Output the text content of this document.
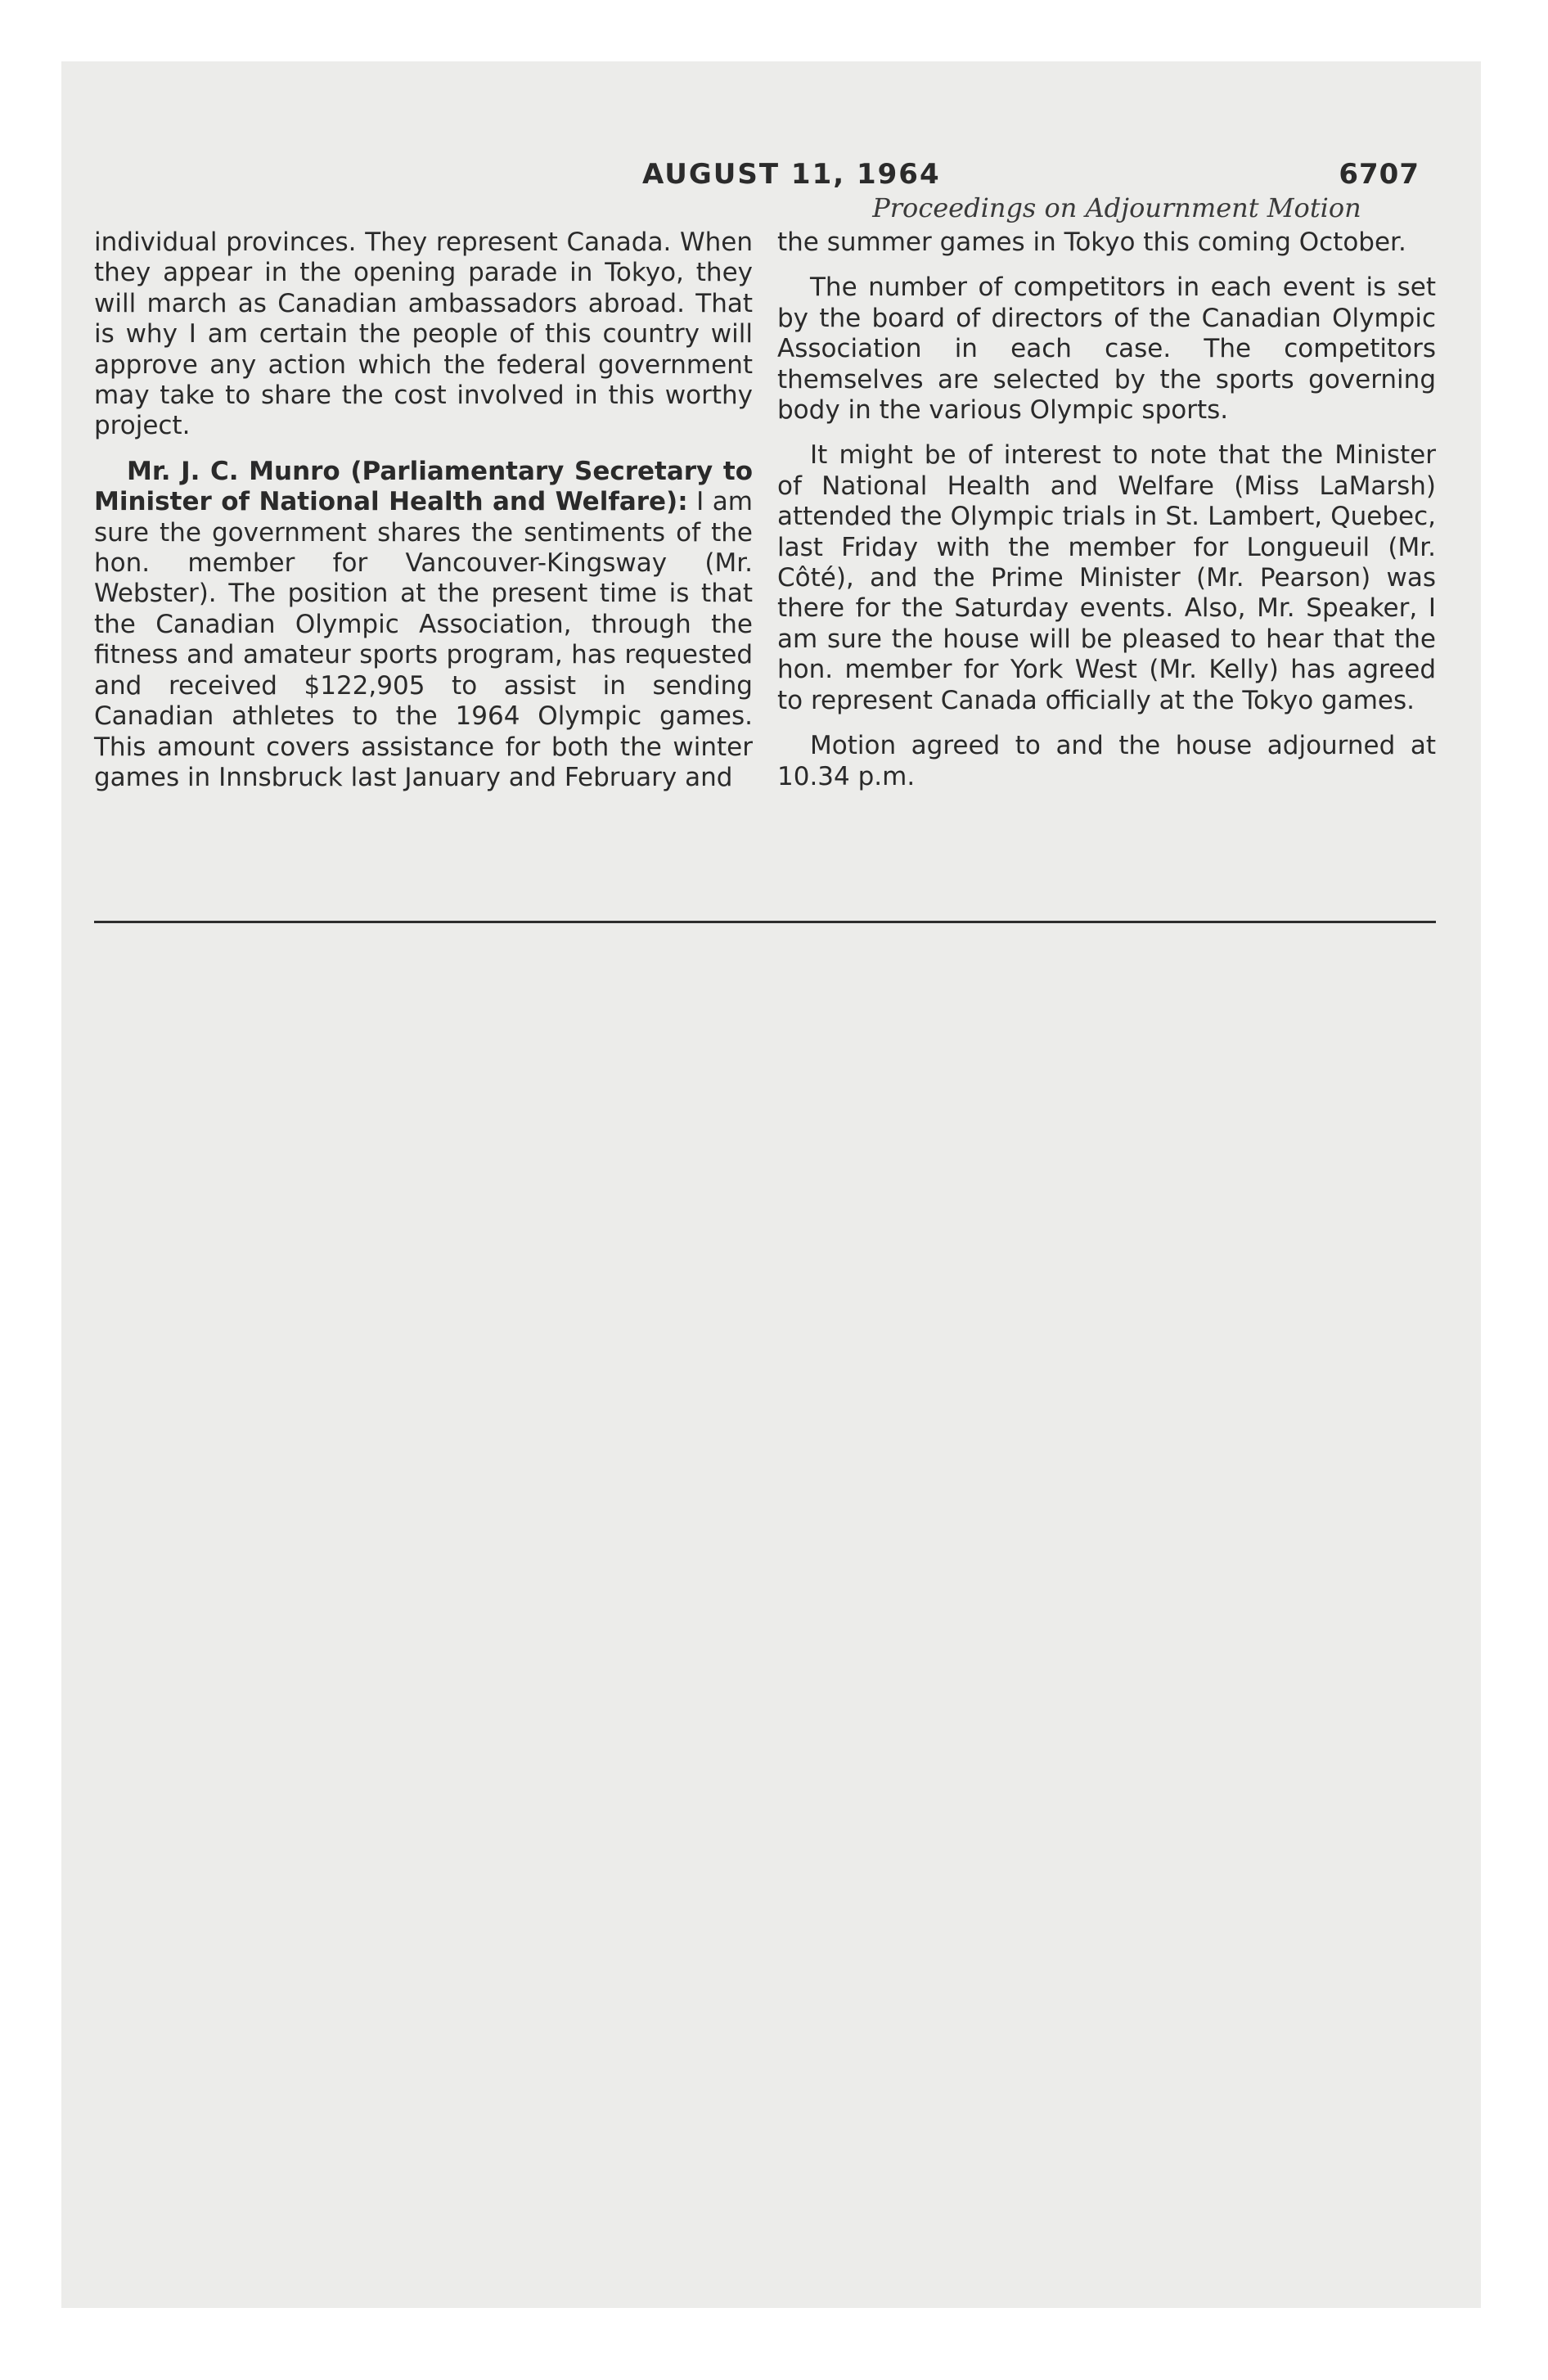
AUGUST 11, 1964	6707
Proceedings on Adjournment Motion

individual provinces. They represent Canada. When they appear in the opening parade in Tokyo, they will march as Canadian ambassadors abroad. That is why I am certain the people of this country will approve any action which the federal government may take to share the cost involved in this worthy project.

Mr. J. C. Munro (Parliamentary Secretary to Minister of National Health and Welfare): I am sure the government shares the sentiments of the hon. member for Vancouver-Kingsway (Mr. Webster). The position at the present time is that the Canadian Olympic Association, through the fitness and amateur sports program, has requested and received $122,905 to assist in sending Canadian athletes to the 1964 Olympic games. This amount covers assistance for both the winter games in Innsbruck last January and February and

the summer games in Tokyo this coming October.

The number of competitors in each event is set by the board of directors of the Canadian Olympic Association in each case. The competitors themselves are selected by the sports governing body in the various Olympic sports.

It might be of interest to note that the Minister of National Health and Welfare (Miss LaMarsh) attended the Olympic trials in St. Lambert, Quebec, last Friday with the member for Longueuil (Mr. Côté), and the Prime Minister (Mr. Pearson) was there for the Saturday events. Also, Mr. Speaker, I am sure the house will be pleased to hear that the hon. member for York West (Mr. Kelly) has agreed to represent Canada officially at the Tokyo games.

Motion agreed to and the house adjourned at 10.34 p.m.
